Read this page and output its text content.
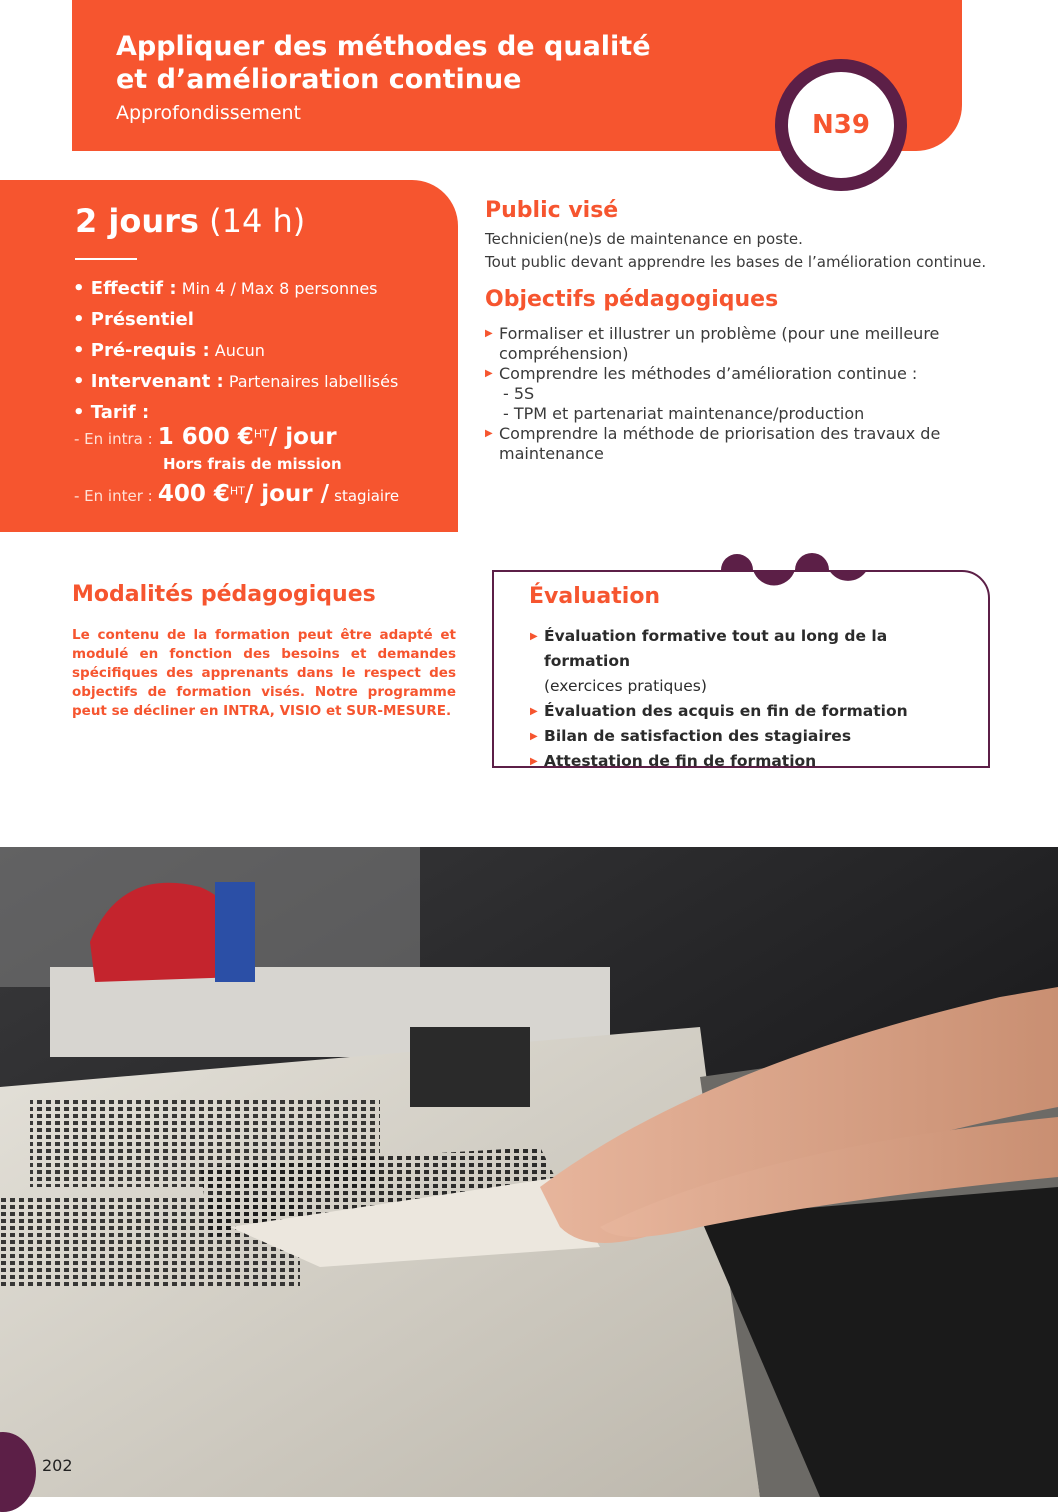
Appliquer des méthodes de qualité
et d’amélioration continue
Approfondissement	N39
2 jours (14 h)
• Effectif : Min 4 / Max 8 personnes
• Présentiel
• Pré-requis : Aucun
• Intervenant : Partenaires labellisés
• Tarif :
- En intra : 1 600 €$^{HT}$/ jour
Hors frais de mission
- En inter : 400 €$^{HT}$/ jour / stagiaire
Public visé
Technicien(ne)s de maintenance en poste.
Tout public devant apprendre les bases de l’amélioration continue.
Objectifs pédagogiques
▶ Formaliser et illustrer un problème (pour une meilleure compréhension)
▶ Comprendre les méthodes d’amélioration continue :
- 5S
- TPM et partenariat maintenance/production
▶ Comprendre la méthode de priorisation des travaux de maintenance
Modalités pédagogiques
Le contenu de la formation peut être adapté et modulé en fonction des besoins et demandes spécifiques des apprenants dans le respect des objectifs de formation visés. Notre programme peut se décliner en INTRA, VISIO et SUR-MESURE.
Évaluation
▶ Évaluation formative tout au long de la formation
(exercices pratiques)
▶ Évaluation des acquis en fin de formation
▶ Bilan de satisfaction des stagiaires
▶ Attestation de fin de formation
202
